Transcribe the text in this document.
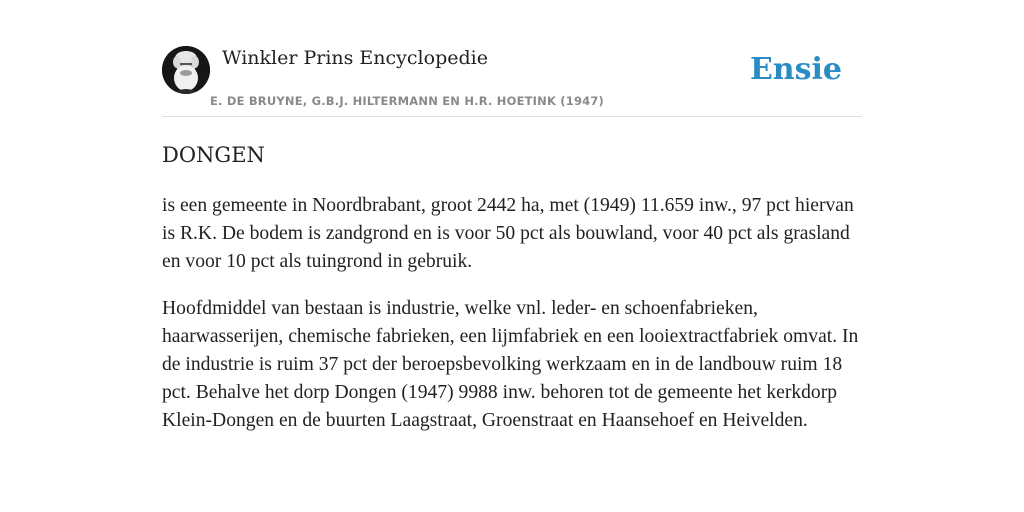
Winkler Prins Encyclopedie
E. DE BRUYNE, G.B.J. HILTERMANN EN H.R. HOETINK (1947)
Ensie
DONGEN

is een gemeente in Noordbrabant, groot 2442 ha, met (1949) 11.659 inw., 97 pct hiervan is R.K. De bodem is zandgrond en is voor 50 pct als bouwland, voor 40 pct als grasland en voor 10 pct als tuingrond in gebruik.

Hoofdmiddel van bestaan is industrie, welke vnl. leder- en schoenfabrieken, haarwasserijen, chemische fabrieken, een lijmfabriek en een looiextractfabriek omvat. In de industrie is ruim 37 pct der beroepsbevolking werkzaam en in de landbouw ruim 18 pct. Behalve het dorp Dongen (1947) 9988 inw. behoren tot de gemeente het kerkdorp Klein-Dongen en de buurten Laagstraat, Groenstraat en Haansehoef en Heivelden.
